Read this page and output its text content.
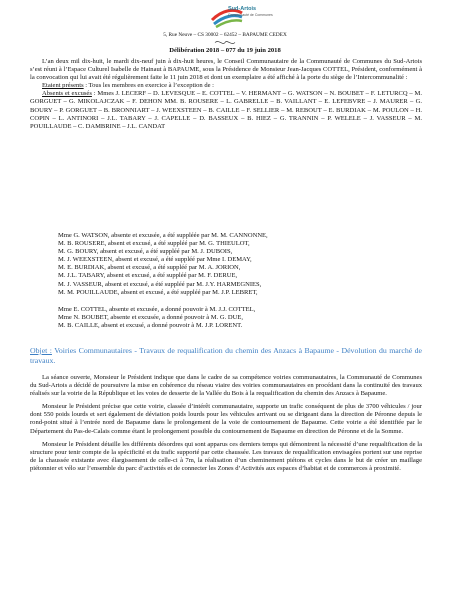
Sud-Artois
Communauté de Communes
5, Rue Neuve – CS 30002 – 62452 – BAPAUME CEDEX
Délibération 2018 – 077 du 19 juin 2018

L’an deux mil dix-huit, le mardi dix-neuf juin à dix-huit heures, le Conseil Communautaire de la Communauté de Communes du Sud-Artois s’est réuni à l’Espace Culturel Isabelle de Hainaut à BAPAUME, sous la Présidence de Monsieur Jean-Jacques COTTEL, Président, conformément à la convocation qui lui avait été régulièrement faite le 11 juin 2018 et dont un exemplaire a été affiché à la porte du siège de l’Intercommunalité :

Etaient présents : Tous les membres en exercice à l’exception de :

Absents et excusés : Mmes J. LECERF – D. LEVESQUE – E. COTTEL – V. HERMANT – G. WATSON – N. BOUBET – F. LETURCQ – M. GORGUET – G. MIKOLAJCZAK – F. DEHON MM. B. ROUSERE – L. GABRELLE – B. VAILLANT – E. LEFEBVRE – J. MAURER – G. BOURY – P. GORGUET – B. BRONNIART – J. WEEXSTEEN – B. CAILLE – F. SELLIER – M. REBOUT – E. BURDIAK – M. POULON – H. COPIN – L. ANTINORI – J.L. TABARY – J. CAPELLE – D. BASSEUX – B. HIEZ – G. TRANNIN – P. WELELE – J. VASSEUR – M. POUILLAUDE – C. DAMBRINE – J.L. CANDAT

Mme G. WATSON, absente et excusée, a été suppléée par M. M. CANNONNE,
M. B. ROUSERE, absent et excusé, a été suppléé par M. G. THIEULOT,
M. G. BOURY, absent et excusé, a été suppléé par M. J. DUBOIS,
M. J. WEEXSTEEN, absent et excusé, a été suppléé par Mme I. DEMAY,
M. E. BURDIAK, absent et excusé, a été suppléé par M. A. JORION,
M. J.L. TABARY, absent et excusé, a été suppléé par M. F. DERUE,
M. J. VASSEUR, absent et excusé, a été suppléé par M. J.Y. HARMEGNIES,
M. M. POUILLAUDE, absent et excusé, a été suppléé par M. J.P. LEBRET,
Mme E. COTTEL, absente et excusée, a donné pouvoir à M. J.J. COTTEL,
Mme N. BOUBET, absente et excusée, a donné pouvoir à M. G. DUE,
M. B. CAILLE, absent et excusé, a donné pouvoir à M. J.P. LORENT.
Objet : Voiries Communautaires - Travaux de requalification du chemin des Anzacs à Bapaume - Dévolution du marché de travaux.

La séance ouverte, Monsieur le Président indique que dans le cadre de sa compétence voiries communautaires, la Communauté de Communes du Sud-Artois a décidé de poursuivre la mise en cohérence du réseau viaire des voiries communautaires en procédant dans la continuité des travaux réalisés sur la voirie de la République et les voies de desserte de la Vallée du Bois à la requalification du chemin des Anzacs à Bapaume.

Monsieur le Président précise que cette voirie, classée d’intérêt communautaire, supporte un trafic conséquent de plus de 3700 véhicules / jour dont 550 poids lourds et sert également de déviation poids lourds pour les véhicules arrivant ou se dirigeant dans la direction de Péronne depuis le rond-point situé à l’entrée nord de Bapaume dans le prolongement de la voie de contournement de Bapaume. Cette voirie a été identifiée par le Département du Pas-de-Calais comme étant le prolongement possible du contournement de Bapaume en direction de Péronne et de la Somme.

Monsieur le Président détaille les différents désordres qui sont apparus ces derniers temps qui démontrent la nécessité d’une requalification de la structure pour tenir compte de la spécificité et du trafic supporté par cette chaussée. Les travaux de requalification envisagées portent sur une reprise de la chaussée existante avec élargissement de celle-ci à 7m, la réalisation d’un cheminement piétons et cycles dans le but de créer un maillage piétonnier et vélo sur l’ensemble du parc d’activités et de connecter les Zones d’Activités aux espaces d’habitat et de commerces à proximité.
